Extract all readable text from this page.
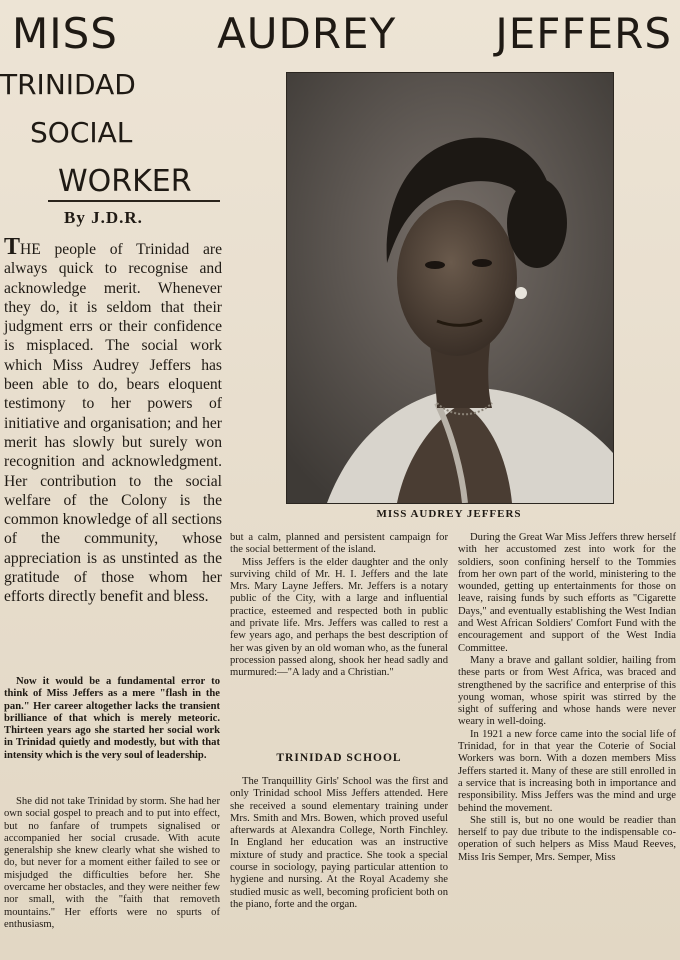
MISS AUDREY JEFFERS
TRINIDAD
SOCIAL
WORKER
By J.D.R.
MISS AUDREY JEFFERS
THE people of Trinidad are always quick to recognise and acknowledge merit. Whenever they do, it is seldom that their judgment errs or their confidence is misplaced. The social work which Miss Audrey Jeffers has been able to do, bears eloquent testimony to her powers of initiative and organisation; and her merit has slowly but surely won recognition and acknowledgment. Her contribution to the social welfare of the Colony is the common knowledge of all sections of the community, whose appreciation is as unstinted as the gratitude of those whom her efforts directly benefit and bless.

Now it would be a fundamental error to think of Miss Jeffers as a mere "flash in the pan." Her career altogether lacks the transient brilliance of that which is merely meteoric. Thirteen years ago she started her social work in Trinidad quietly and modestly, but with that intensity which is the very soul of leadership.

She did not take Trinidad by storm. She had her own social gospel to preach and to put into effect, but no fanfare of trumpets signalised or accompanied her social crusade. With acute generalship she knew clearly what she wished to do, but never for a moment either failed to see or misjudged the difficulties before her. She overcame her obstacles, and they were neither few nor small, with the "faith that removeth mountains." Her efforts were no spurts of enthusiasm,

but a calm, planned and persistent campaign for the social betterment of the island.

Miss Jeffers is the elder daughter and the only surviving child of Mr. H. I. Jeffers and the late Mrs. Mary Layne Jeffers. Mr. Jeffers is a notary public of the City, with a large and influential practice, esteemed and respected both in public and private life. Mrs. Jeffers was called to rest a few years ago, and perhaps the best description of her was given by an old woman who, as the funeral procession passed along, shook her head sadly and murmured:—"A lady and a Christian."

TRINIDAD SCHOOL

The Tranquillity Girls' School was the first and only Trinidad school Miss Jeffers attended. Here she received a sound elementary training under Mrs. Smith and Mrs. Bowen, which proved useful afterwards at Alexandra College, North Finchley. In England her education was an instructive mixture of study and practice. She took a special course in sociology, paying particular attention to hygiene and nursing. At the Royal Academy she studied music as well, becoming proficient both on the piano, forte and the organ.

During the Great War Miss Jeffers threw herself with her accustomed zest into work for the soldiers, soon confining herself to the Tommies from her own part of the world, ministering to the wounded, getting up entertainments for those on leave, raising funds by such efforts as "Cigarette Days," and eventually establishing the West Indian and West African Soldiers' Comfort Fund with the encouragement and support of the West India Committee.

Many a brave and gallant soldier, hailing from these parts or from West Africa, was braced and strengthened by the sacrifice and enterprise of this young woman, whose spirit was stirred by the sight of suffering and whose hands were never weary in well-doing.

In 1921 a new force came into the social life of Trinidad, for in that year the Coterie of Social Workers was born. With a dozen members Miss Jeffers started it. Many of these are still enrolled in a service that is increasing both in importance and responsibility. Miss Jeffers was the mind and urge behind the movement.

She still is, but no one would be readier than herself to pay due tribute to the indispensable co-operation of such helpers as Miss Maud Reeves, Miss Iris Semper, Mrs. Semper, Miss
